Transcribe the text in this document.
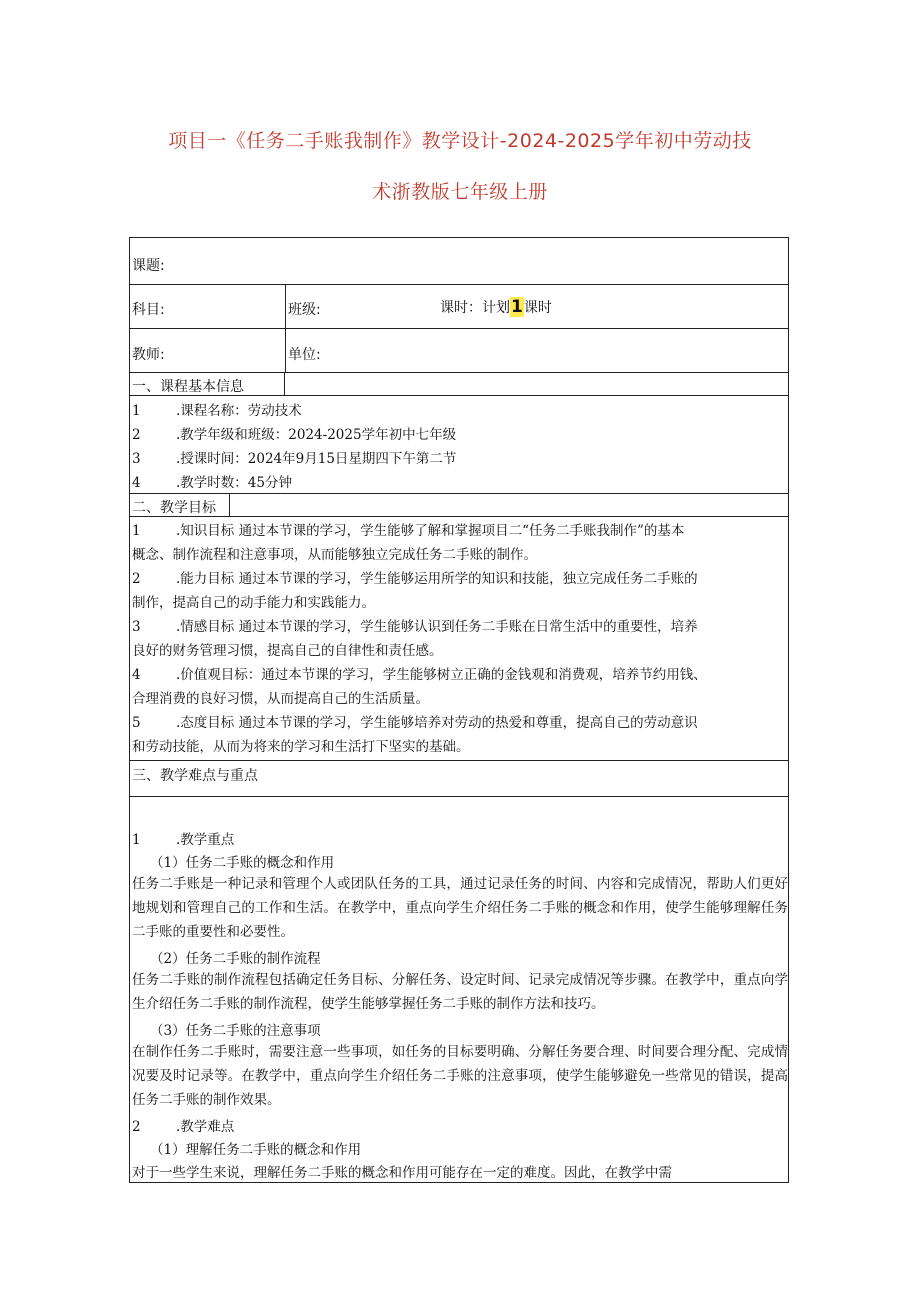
项目一《任务二手账我制作》教学设计-2024-2025学年初中劳动技
术浙教版七年级上册
课题:
科目:	班级:	课时：计划1课时
教师:	单位:
一、课程基本信息
1	.课程名称：劳动技术
2	.教学年级和班级：2024-2025学年初中七年级
3	.授课时间：2024年9月15日星期四下午第二节
4	.教学时数：45分钟
二、教学目标
1	.知识目标 通过本节课的学习，学生能够了解和掌握项目二“任务二手账我制作”的基本
概念、制作流程和注意事项，从而能够独立完成任务二手账的制作。
2	.能力目标 通过本节课的学习，学生能够运用所学的知识和技能，独立完成任务二手账的
制作，提高自己的动手能力和实践能力。
3	.情感目标 通过本节课的学习，学生能够认识到任务二手账在日常生活中的重要性，培养
良好的财务管理习惯，提高自己的自律性和责任感。
4	.价值观目标：通过本节课的学习，学生能够树立正确的金钱观和消费观，培养节约用钱、
合理消费的良好习惯，从而提高自己的生活质量。
5	.态度目标 通过本节课的学习，学生能够培养对劳动的热爱和尊重，提高自己的劳动意识
和劳动技能，从而为将来的学习和生活打下坚实的基础。
三、教学难点与重点
1	.教学重点
（1）任务二手账的概念和作用
任务二手账是一种记录和管理个人或团队任务的工具，通过记录任务的时间、内容和完成情况，帮助人们更好地规划和管理自己的工作和生活。在教学中，重点向学生介绍任务二手账的概念和作用，使学生能够理解任务二手账的重要性和必要性。
（2）任务二手账的制作流程
任务二手账的制作流程包括确定任务目标、分解任务、设定时间、记录完成情况等步骤。在教学中，重点向学生介绍任务二手账的制作流程，使学生能够掌握任务二手账的制作方法和技巧。
（3）任务二手账的注意事项
在制作任务二手账时，需要注意一些事项，如任务的目标要明确、分解任务要合理、时间要合理分配、完成情况要及时记录等。在教学中，重点向学生介绍任务二手账的注意事项，使学生能够避免一些常见的错误，提高任务二手账的制作效果。
2	.教学难点
（1）理解任务二手账的概念和作用
对于一些学生来说，理解任务二手账的概念和作用可能存在一定的难度。因此，在教学中需
